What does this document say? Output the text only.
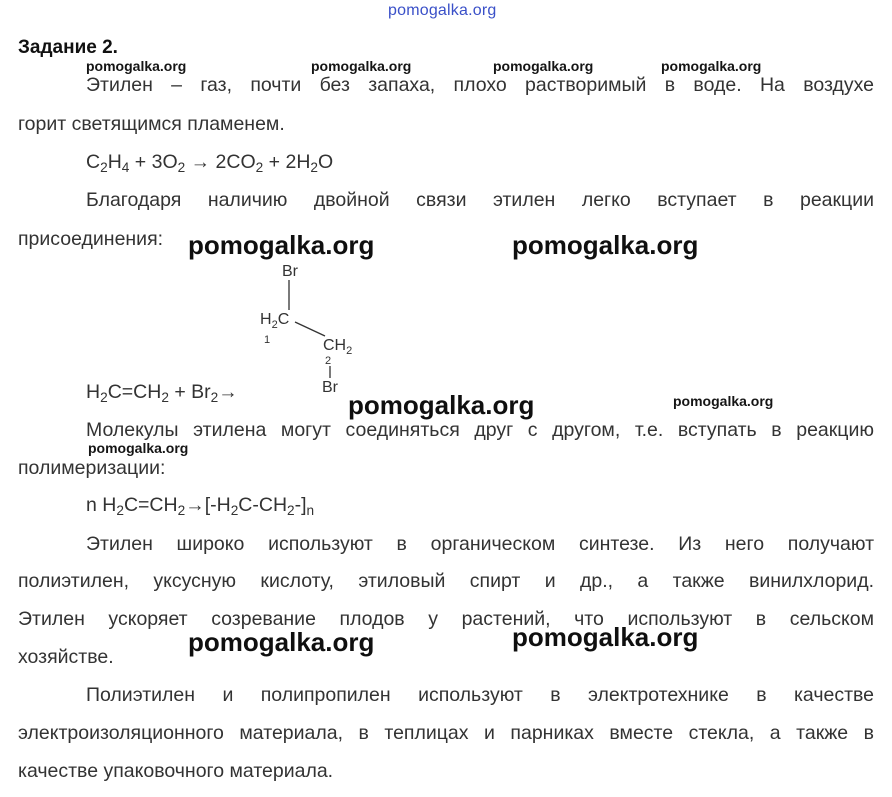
pomogalka.org
Задание 2.
Этилен – газ, почти без запаха, плохо растворимый в воде. На воздухе
горит светящимся пламенем.
$C_2H_4 + 3O_2 \to 2CO_2 + 2H_2O$
Благодаря наличию двойной связи этилен легко вступает в реакции
присоединения:
$H_2C=CH_2 + Br_2\to$
Br
$H_2C$
1	$CH_2$
2
Br
Молекулы этилена могут соединяться друг с другом, т.е. вступать в реакцию
полимеризации:
n $H_2C=CH_2\to[-H_2C-CH_2-]_n$
Этилен широко используют в органическом синтезе. Из него получают
полиэтилен, уксусную кислоту, этиловый спирт и др., а также винилхлорид.
Этилен ускоряет созревание плодов у растений, что используют в сельском
хозяйстве.
Полиэтилен и полипропилен используют в электротехнике в качестве
электроизоляционного материала, в теплицах и парниках вместе стекла, а также в
качестве упаковочного материала.
pomogalka.org	pomogalka.org	pomogalka.org	pomogalka.org
pomogalka.org	pomogalka.org
pomogalka.org	pomogalka.org
pomogalka.org
pomogalka.org	pomogalka.org
